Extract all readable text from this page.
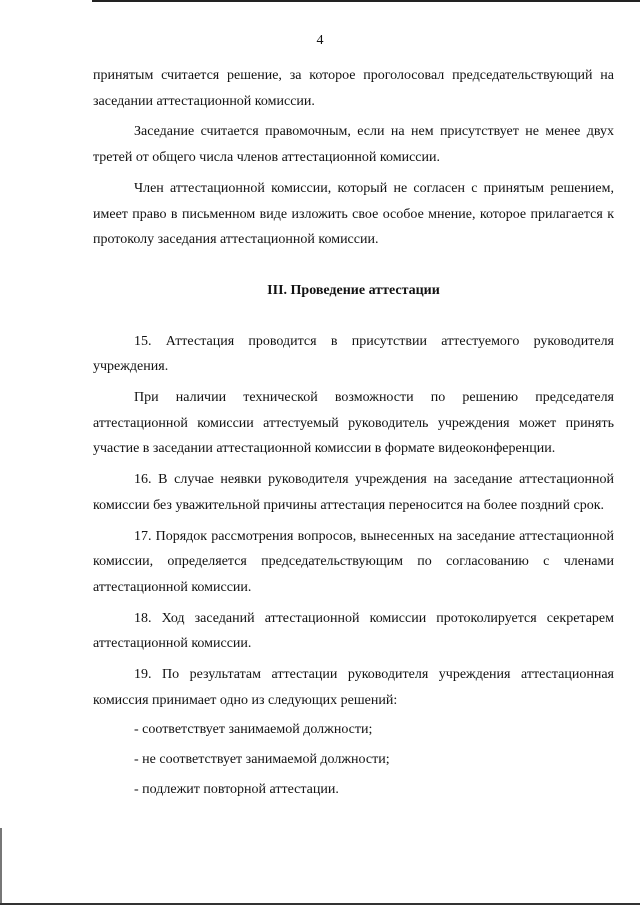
4

принятым считается решение, за которое проголосовал председательствующий на заседании аттестационной комиссии.

Заседание считается правомочным, если на нем присутствует не менее двух третей от общего числа членов аттестационной комиссии.

Член аттестационной комиссии, который не согласен с принятым решением, имеет право в письменном виде изложить свое особое мнение, которое прилагается к протоколу заседания аттестационной комиссии.

III. Проведение аттестации

15. Аттестация проводится в присутствии аттестуемого руководителя учреждения.

При наличии технической возможности по решению председателя аттестационной комиссии аттестуемый руководитель учреждения может принять участие в заседании аттестационной комиссии в формате видеоконференции.

16. В случае неявки руководителя учреждения на заседание аттестационной комиссии без уважительной причины аттестация переносится на более поздний срок.

17. Порядок рассмотрения вопросов, вынесенных на заседание аттестационной комиссии, определяется председательствующим по согласованию с членами аттестационной комиссии.

18. Ход заседаний аттестационной комиссии протоколируется секретарем аттестационной комиссии.

19. По результатам аттестации руководителя учреждения аттестационная комиссия принимает одно из следующих решений:

- соответствует занимаемой должности;

- не соответствует занимаемой должности;

- подлежит повторной аттестации.
